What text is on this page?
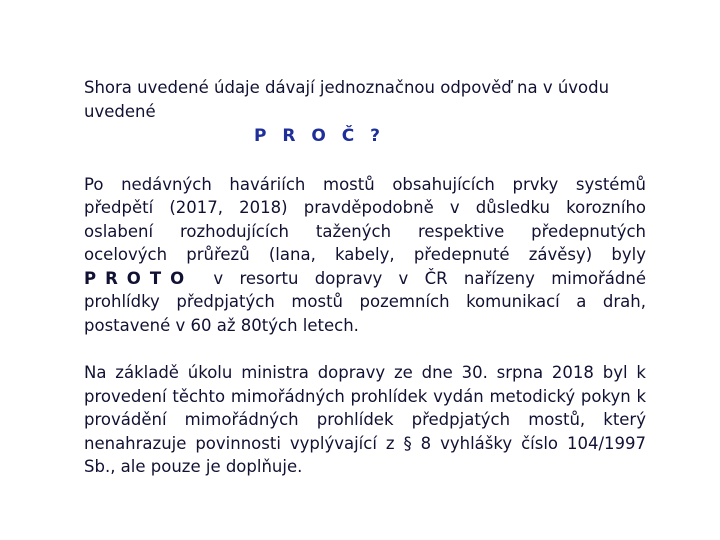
Shora uvedené údaje dávají jednoznačnou odpověď na v úvodu uvedené

P R O Č ?

Po nedávných haváriích mostů obsahujících prvky systémů předpětí (2017, 2018) pravděpodobně v důsledku korozního oslabení rozhodujících tažených respektive předepnutých ocelových průřezů (lana, kabely, předepnuté závěsy) byly PROTO v resortu dopravy v ČR nařízeny mimořádné prohlídky předpjatých mostů pozemních komunikací a drah, postavené v 60 až 80tých letech.

Na základě úkolu ministra dopravy ze dne 30. srpna 2018 byl k provedení těchto mimořádných prohlídek vydán metodický pokyn k provádění mimořádných prohlídek předpjatých mostů, který nenahrazuje povinnosti vyplývající z § 8 vyhlášky číslo 104/1997 Sb., ale pouze je doplňuje.
